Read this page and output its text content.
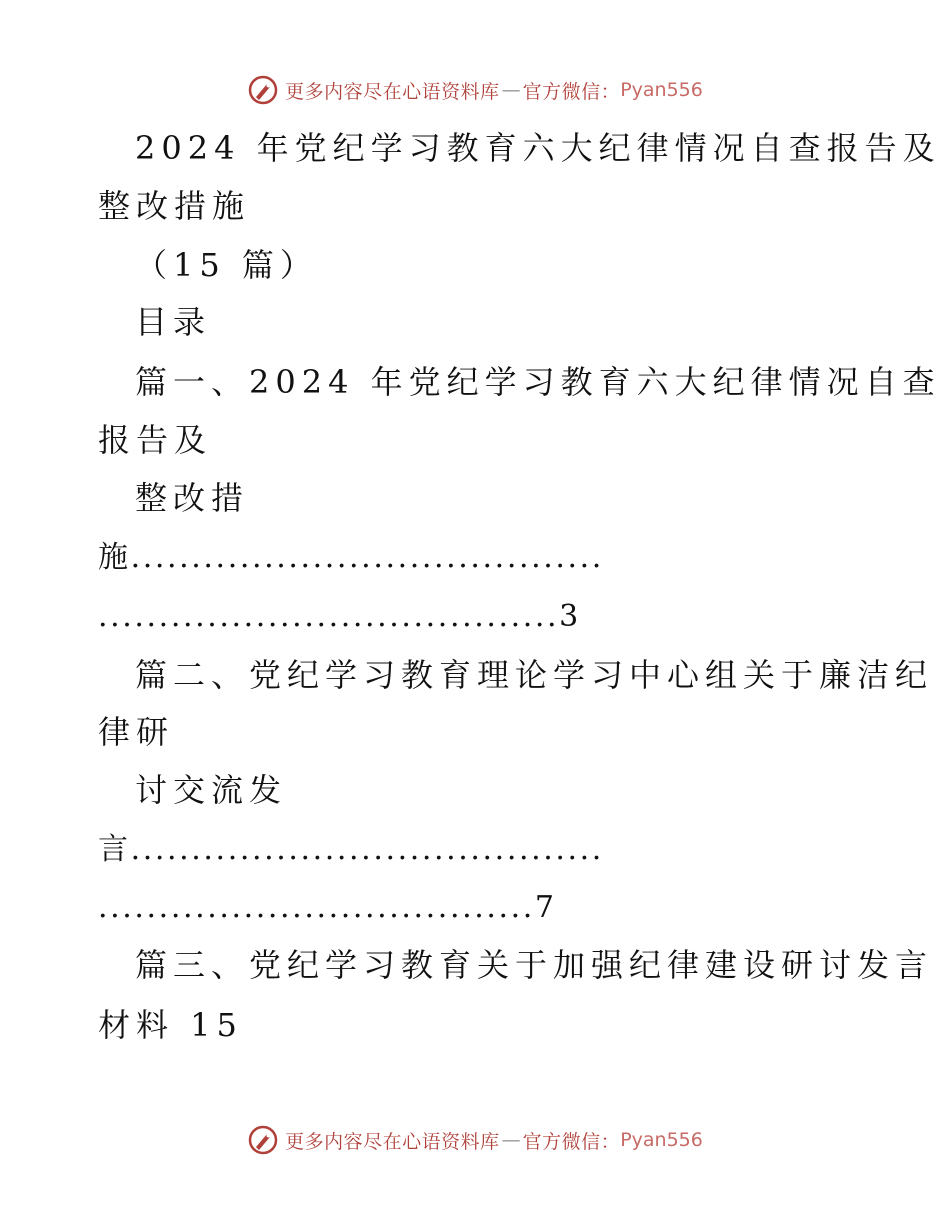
更多内容尽在心语资料库 — 官方微信： Pyan556
2024 年党纪学习教育六大纪律情况自查报告及
整改措施
（15 篇）
目录
篇一、2024 年党纪学习教育六大纪律情况自查
报告及
整改措
施.......................................
......................................3
篇二、党纪学习教育理论学习中心组关于廉洁纪
律研
讨交流发
言.......................................
....................................7
篇三、党纪学习教育关于加强纪律建设研讨发言
材料 15
更多内容尽在心语资料库 — 官方微信： Pyan556
